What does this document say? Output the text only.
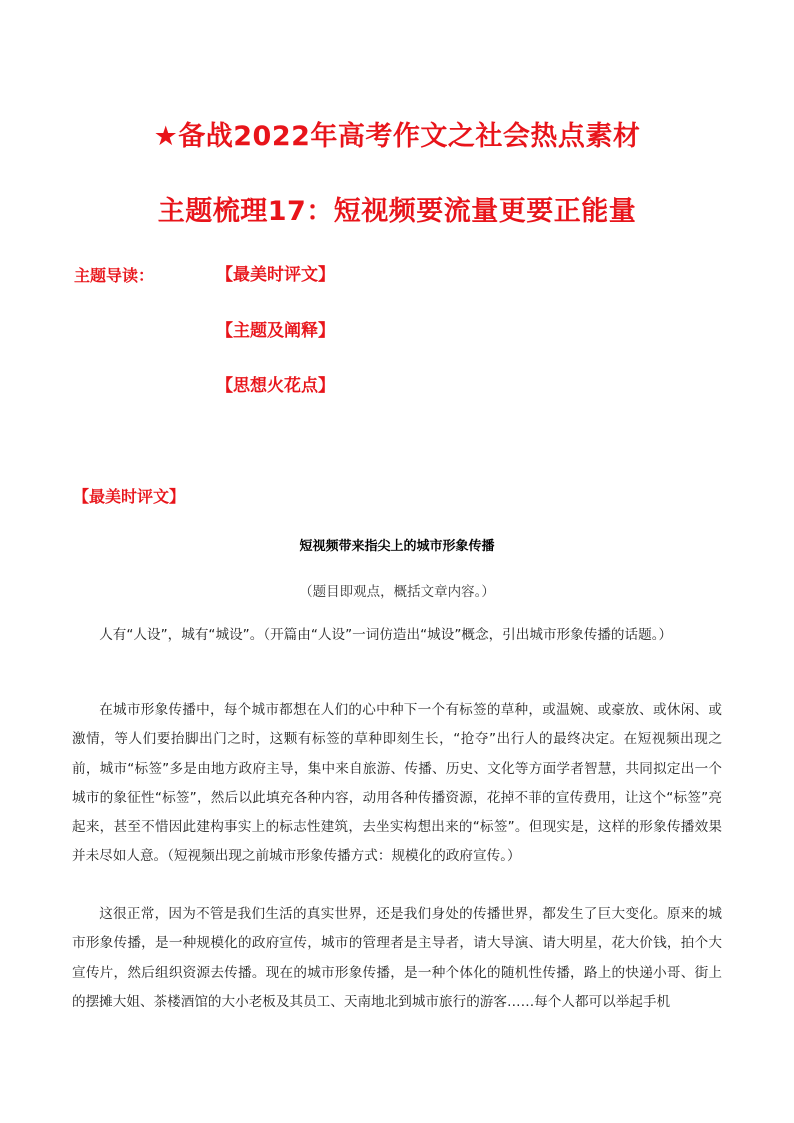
★备战2022年高考作文之社会热点素材
主题梳理17：短视频要流量更要正能量
主题导读：	【最美时评文】
【主题及阐释】
【思想火花点】
【最美时评文】
短视频带来指尖上的城市形象传播
（题目即观点，概括文章内容。）

人有“人设”，城有“城设”。（开篇由“人设”一词仿造出“城设”概念，引出城市形象传播的话题。）

在城市形象传播中，每个城市都想在人们的心中种下一个有标签的草种，或温婉、或豪放、或休闲、或激情，等人们要抬脚出门之时，这颗有标签的草种即刻生长，“抢夺”出行人的最终决定。在短视频出现之前，城市“标签”多是由地方政府主导，集中来自旅游、传播、历史、文化等方面学者智慧，共同拟定出一个城市的象征性“标签”，然后以此填充各种内容，动用各种传播资源，花掉不菲的宣传费用，让这个“标签”亮起来，甚至不惜因此建构事实上的标志性建筑，去坐实构想出来的“标签”。但现实是，这样的形象传播效果并未尽如人意。（短视频出现之前城市形象传播方式：规模化的政府宣传。）

这很正常，因为不管是我们生活的真实世界，还是我们身处的传播世界，都发生了巨大变化。原来的城市形象传播，是一种规模化的政府宣传，城市的管理者是主导者，请大导演、请大明星，花大价钱，拍个大宣传片，然后组织资源去传播。现在的城市形象传播，是一种个体化的随机性传播，路上的快递小哥、街上的摆摊大姐、茶楼酒馆的大小老板及其员工、天南地北到城市旅行的游客……每个人都可以举起手机
